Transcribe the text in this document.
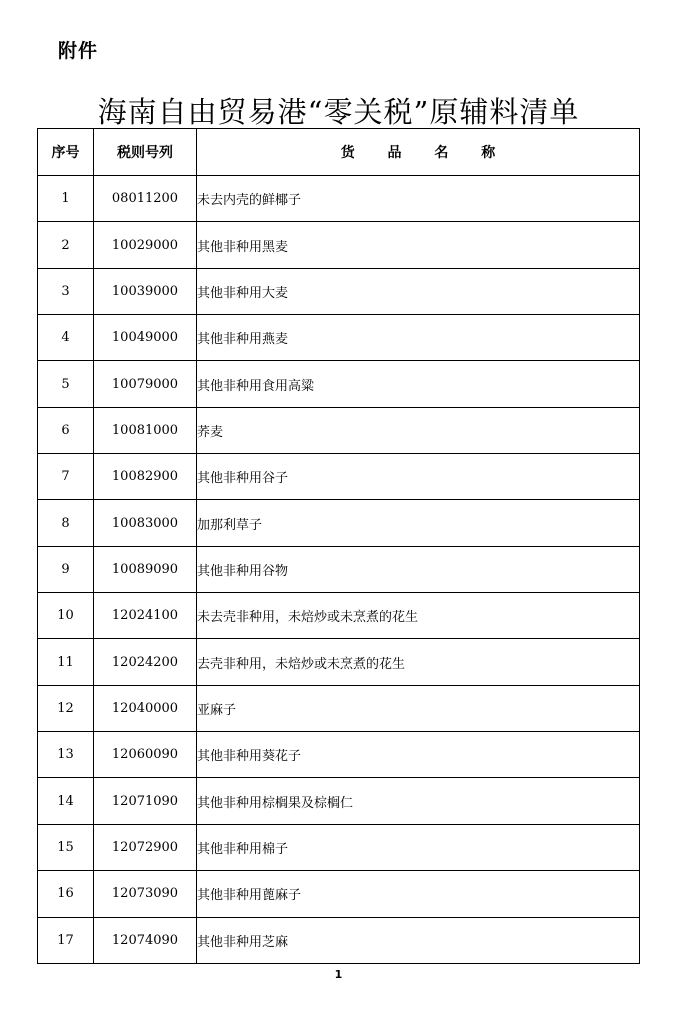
附件
海南自由贸易港“零关税”原辅料清单
序号	税则号列	货 品 名 称
1	08011200	未去内壳的鲜椰子
2	10029000	其他非种用黑麦
3	10039000	其他非种用大麦
4	10049000	其他非种用燕麦
5	10079000	其他非种用食用高粱
6	10081000	荞麦
7	10082900	其他非种用谷子
8	10083000	加那利草子
9	10089090	其他非种用谷物
10	12024100	未去壳非种用，未焙炒或未烹煮的花生
11	12024200	去壳非种用，未焙炒或未烹煮的花生
12	12040000	亚麻子
13	12060090	其他非种用葵花子
14	12071090	其他非种用棕榈果及棕榈仁
15	12072900	其他非种用棉子
16	12073090	其他非种用蓖麻子
17	12074090	其他非种用芝麻
1
